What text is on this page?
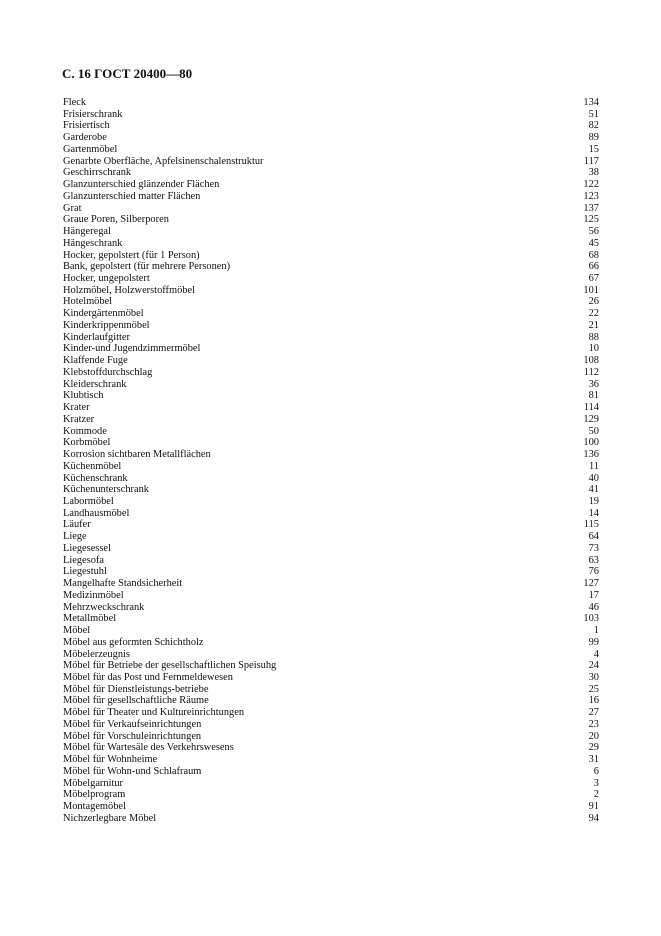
С. 16 ГОСТ 20400—80
Fleck	134
Frisierschrank	51
Frisiertisch	82
Garderobe	89
Gartenmöbel	15
Genarbte Oberfläche, Apfelsinenschalenstruktur	117
Geschirrschrank	38
Glanzunterschied glänzender Flächen	122
Glanzunterschied matter Flächen	123
Grat	137
Graue Poren, Silberporen	125
Hängeregal	56
Hängeschrank	45
Hocker, gepolstert (für 1 Person)	68
Bank, gepolstert (für mehrere Personen)	66
Hocker, ungepolstert	67
Holzmöbel, Holzwerstoffmöbel	101
Hotelmöbel	26
Kindergärtenmöbel	22
Kinderkrippenmöbel	21
Kinderlaufgitter	88
Kinder-und Jugendzimmermöbel	10
Klaffende Fuge	108
Klebstoffdurchschlag	112
Kleiderschrank	36
Klubtisch	81
Krater	114
Kratzer	129
Kommode	50
Korbmöbel	100
Korrosion sichtbaren Metallflächen	136
Küchenmöbel	11
Küchenschrank	40
Küchenunterschrank	41
Labormöbel	19
Landhausmöbel	14
Läufer	115
Liege	64
Liegesessel	73
Liegesofa	63
Liegestuhl	76
Mangelhafte Standsicherheit	127
Medizinmöbel	17
Mehrzweckschrank	46
Metallmöbel	103
Möbel	1
Möbel aus geformten Schichtholz	99
Möbelerzeugnis	4
Möbel für Betriebe der gesellschaftlichen Speisuhg	24
Möbel für das Post und Fernmeldewesen	30
Möbel für Dienstleistungs-betriebe	25
Möbel für gesellschaftliche Räume	16
Möbel für Theater und Kultureinrichtungen	27
Möbel für Verkaufseinrichtungen	23
Möbel für Vorschuleinrichtungen	20
Möbel für Wartesäle des Verkehrswesens	29
Möbel für Wohnheime	31
Möbel für Wohn-und Schlafraum	6
Möbelgarnitur	3
Möbelprogram	2
Montagemöbel	91
Nichzerlegbare Möbel	94
